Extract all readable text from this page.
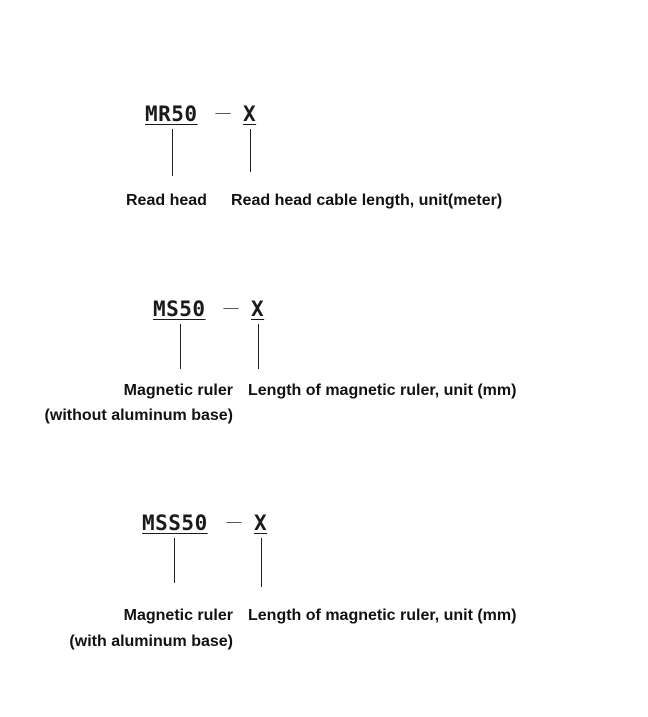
MR50 － X
Read head Read head cable length, unit(meter)
MS50 － X
Magnetic ruler
(without aluminum base)
Length of magnetic ruler, unit (mm)
MSS50 － X
Magnetic ruler
(with aluminum base)
Length of magnetic ruler, unit (mm)
